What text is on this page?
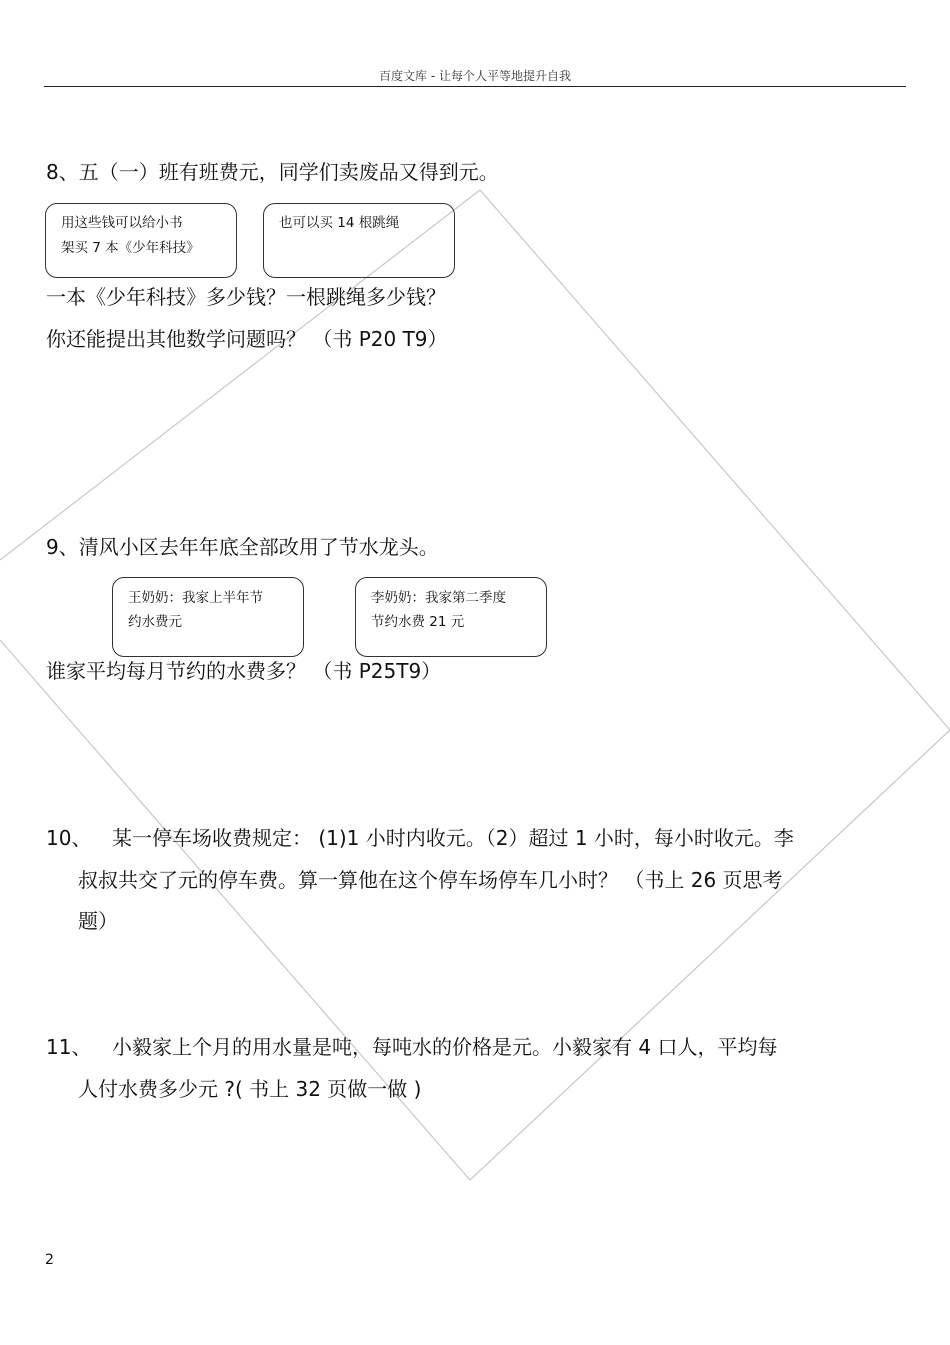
百度文库 - 让每个人平等地提升自我
8、五（一）班有班费元，同学们卖废品又得到元。
用这些钱可以给小书
架买 7 本《少年科技》
也可以买 14 根跳绳
一本《少年科技》多少钱？一根跳绳多少钱？
你还能提出其他数学问题吗？ （书 P20 T9）
9、清风小区去年年底全部改用了节水龙头。
王奶奶：我家上半年节
约水费元
李奶奶：我家第二季度
节约水费 21 元
谁家平均每月节约的水费多？ （书 P25T9）
10、 某一停车场收费规定： (1)1 小时内收元。（2）超过 1 小时，每小时收元。李
叔叔共交了元的停车费。算一算他在这个停车场停车几小时？ （书上 26 页思考
题）
11、 小毅家上个月的用水量是吨，每吨水的价格是元。小毅家有 4 口人，平均每
人付水费多少元 ?( 书上 32 页做一做 )
2
